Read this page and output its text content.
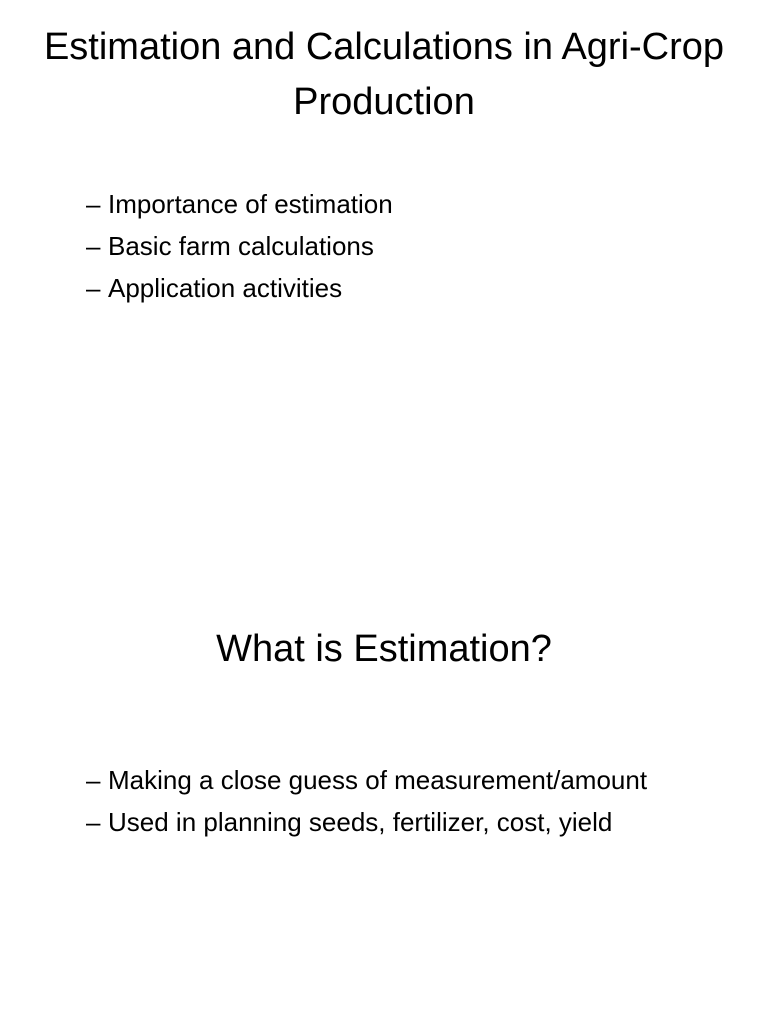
Estimation and Calculations in Agri-Crop Production
– Importance of estimation
– Basic farm calculations
– Application activities
What is Estimation?
– Making a close guess of measurement/amount
– Used in planning seeds, fertilizer, cost, yield
